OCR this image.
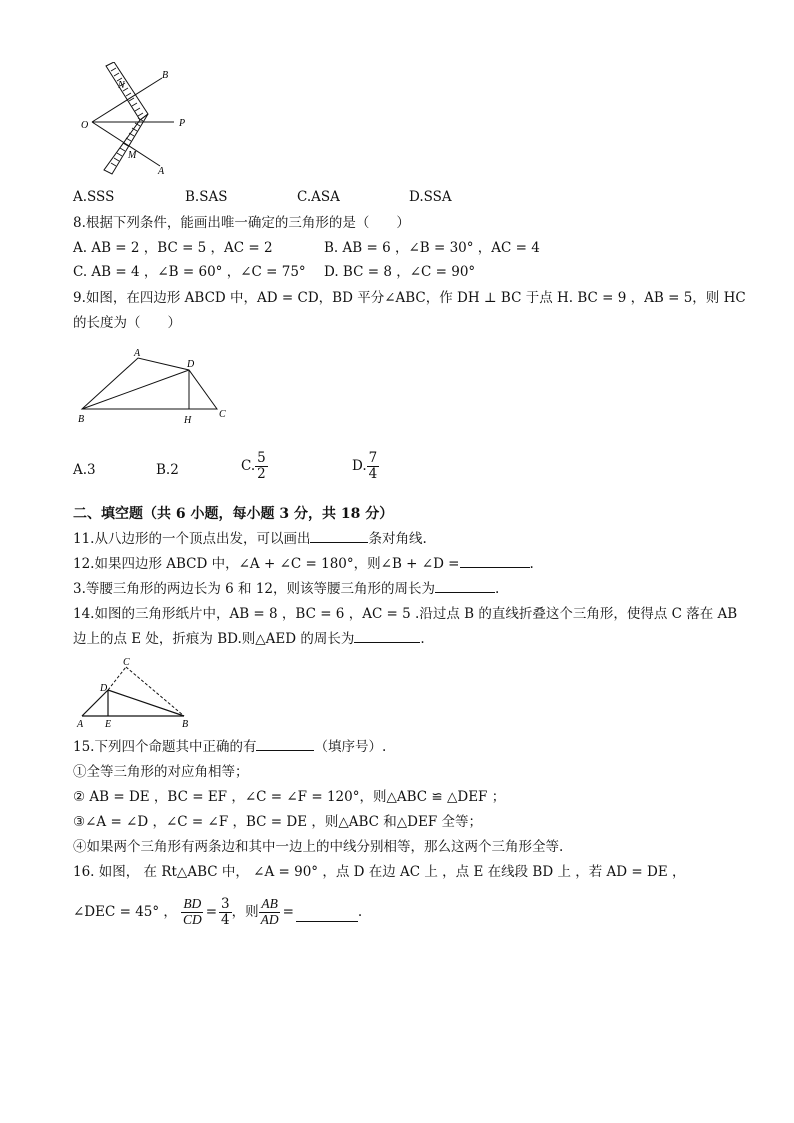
B
N
O	P
M
A
A.SSS	B.SAS	C.ASA	D.SSA
8.根据下列条件，能画出唯一确定的三角形的是（　　）
A. AB = 2 ，BC = 5 ，AC = 2	B. AB = 6 ，∠B = 30° ，AC = 4
C. AB = 4 ，∠B = 60° ，∠C = 75° D. BC = 8 ，∠C = 90°
9.如图，在四边形 ABCD 中，AD = CD，BD 平分∠ABC，作 DH ⊥ BC 于点 H. BC = 9 ，AB = 5，则 HC
的长度为（　　）
A
D
B	H
C
A.3	B.2	C. $\frac{5}{2}$	D. $\frac{7}{4}$
二、填空题（共 6 小题，每小题 3 分，共 18 分）
11.从八边形的一个顶点出发，可以画出	条对角线.
12.如果四边形 ABCD 中，∠A + ∠C = 180°，则∠B + ∠D =	.
3.等腰三角形的两边长为 6 和 12，则该等腰三角形的周长为	.
14.如图的三角形纸片中，AB = 8 ，BC = 6 ，AC = 5 .沿过点 B 的直线折叠这个三角形，使得点 C 落在 AB
边上的点 E 处，折痕为 BD.则△AED 的周长为	.
C
D
A E	B
15.下列四个命题其中正确的有	（填序号）.
①全等三角形的对应角相等；
② AB = DE ，BC = EF ，∠C = ∠F = 120°，则△ABC ≌ △DEF ；
③∠A = ∠D ，∠C = ∠F ，BC = DE ，则△ABC 和△DEF 全等；
④如果两个三角形有两条边和其中一边上的中线分别相等，那么这两个三角形全等.
16. 如图， 在 Rt△ABC 中， ∠A = 90° ，点 D 在边 AC 上 ，点 E 在线段 BD 上 ，若 AD = DE ，
∠DEC = 45° ， $\frac{BD}{CD} = \frac{3}{4}$ ，则 $\frac{AB}{AD}$ =	.
